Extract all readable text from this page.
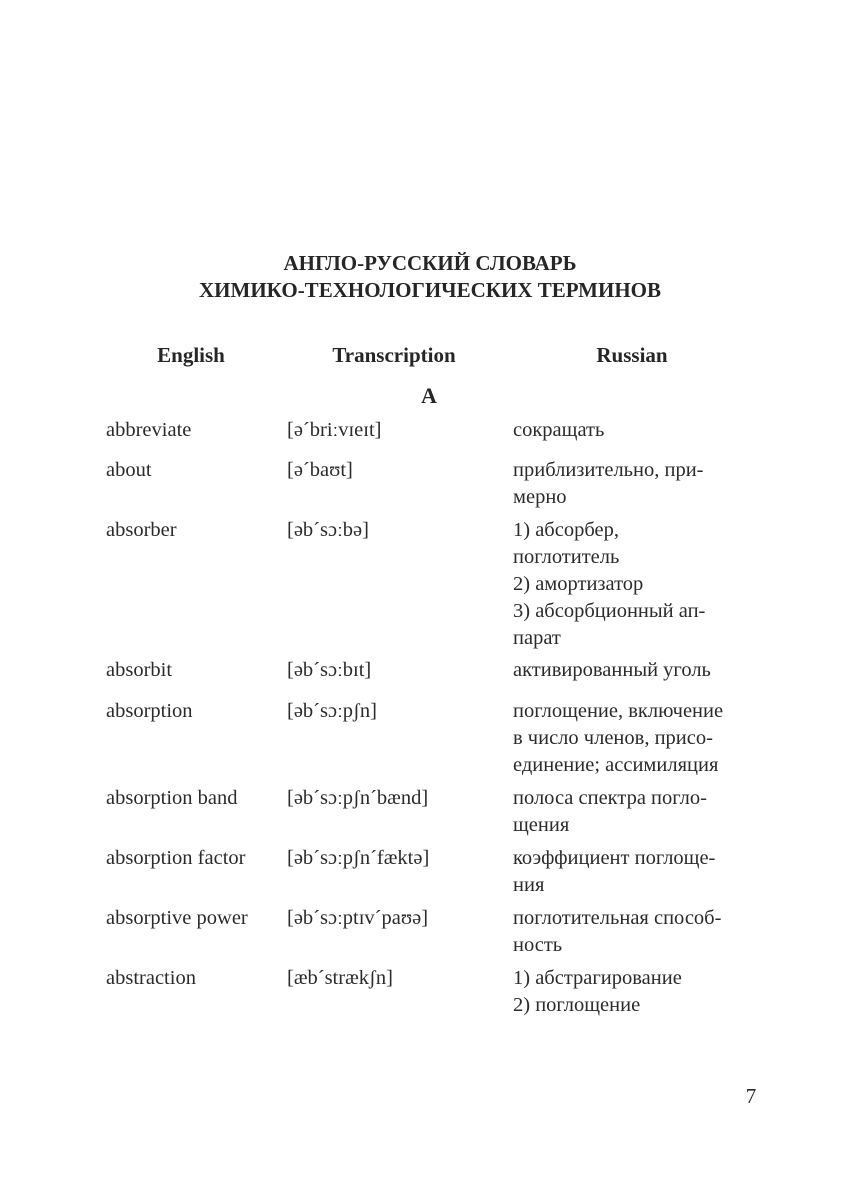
АНГЛО-РУССКИЙ СЛОВАРЬ
ХИМИКО-ТЕХНОЛОГИЧЕСКИХ ТЕРМИНОВ
English	Transcription	Russian
A
abbreviate	[əˊbriːvɪeɪt]	сокращать
about	[əˊbaʊt]	приблизительно, при-
мерно
absorber	[əbˊsɔːbə]	1) абсорбер,
поглотитель
2) амортизатор
3) абсорбционный ап-
парат
absorbit	[əbˊsɔːbɪt]	активированный уголь
absorption	[əbˊsɔːpʃn]	поглощение, включение
в число членов, присо-
единение; ассимиляция
absorption band	[əbˊsɔːpʃnˊbænd]	полоса спектра погло-
щения
absorption factor	[əbˊsɔːpʃnˊfæktə]	коэффициент поглоще-
ния
absorptive power	[əbˊsɔːptɪvˊpaʊə]	поглотительная способ-
ность
abstraction	[æbˊstrækʃn]	1) абстрагирование
2) поглощение
7
